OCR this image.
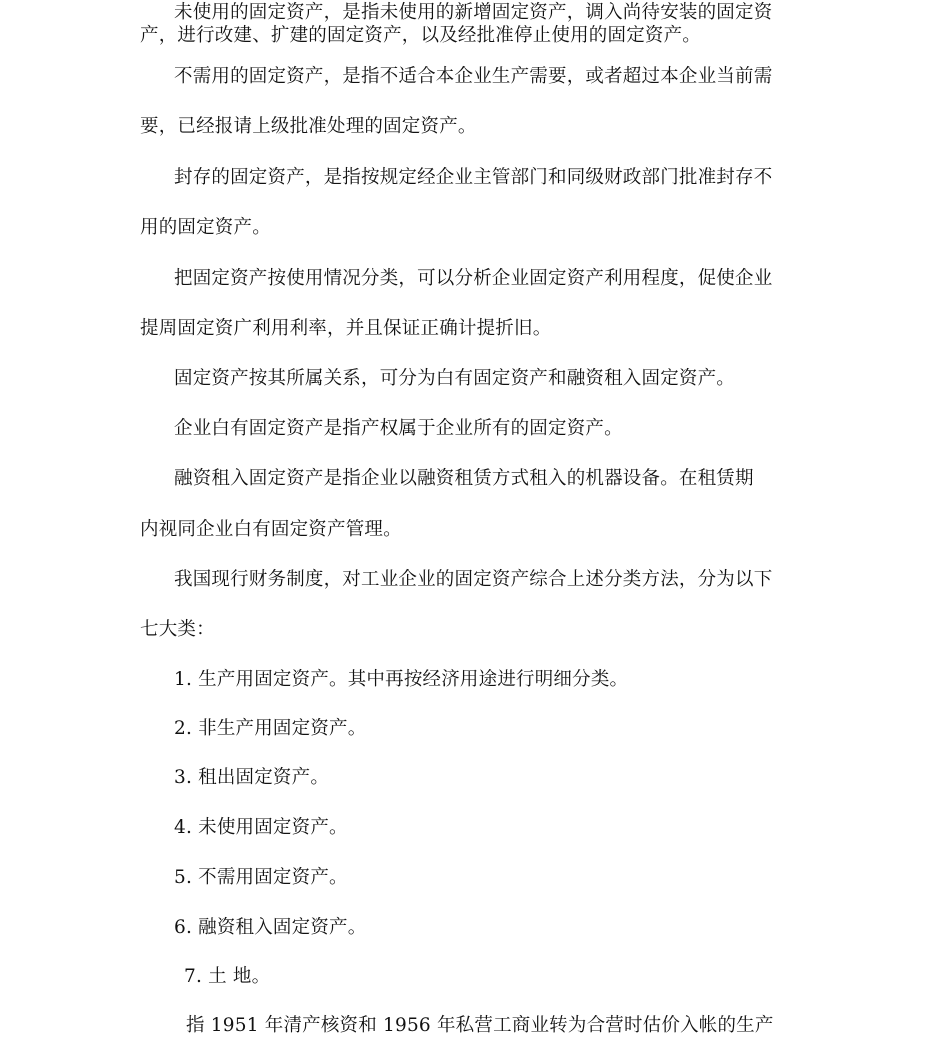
未使用的固定资产，是指未使用的新增固定资产，调入尚待安装的固定资

产，进行改建、扩建的固定资产，以及经批准停止使用的固定资产。

不需用的固定资产，是指不适合本企业生产需要，或者超过本企业当前需

要，已经报请上级批准处理的固定资产。

封存的固定资产，是指按规定经企业主管部门和同级财政部门批准封存不

用的固定资产。

把固定资产按使用情况分类，可以分析企业固定资产利用程度，促使企业

提周固定资广利用利率，并且保证正确计提折旧。

固定资产按其所属关系，可分为白有固定资产和融资租入固定资产。

企业白有固定资产是指产权属于企业所有的固定资产。

融资租入固定资产是指企业以融资租赁方式租入的机器设备。在租赁期

内视同企业白有固定资产管理。

我国现行财务制度，对工业企业的固定资产综合上述分类方法，分为以下

七大类：

1. 生产用固定资产。其中再按经济用途进行明细分类。

2. 非生产用固定资产。

3. 租出固定资产。

4. 未使用固定资产。

5. 不需用固定资产。

6. 融资租入固定资产。

7. 土 地。

指 1951 年清产核资和 1956 年私营工商业转为合营时估价入帐的生产
